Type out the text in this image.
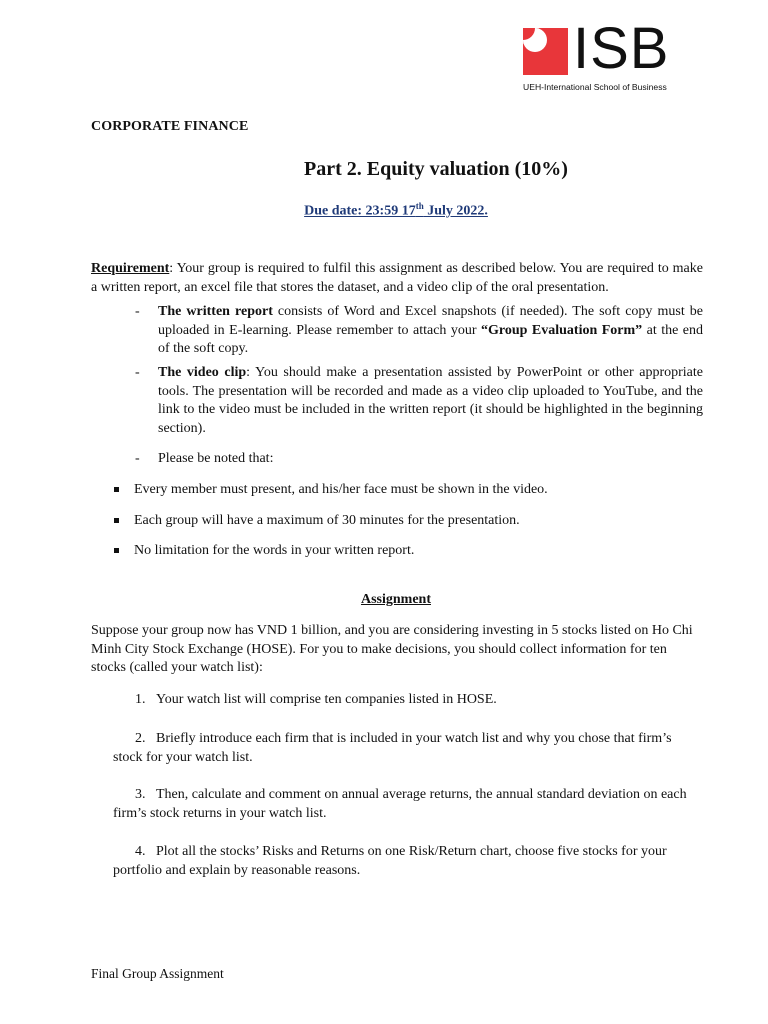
ISB
UEH-International School of Business
CORPORATE FINANCE
Part 2. Equity valuation (10%)
Due date: 23:59 17th July 2022.
Requirement: Your group is required to fulfil this assignment as described below. You are required to make a written report, an excel file that stores the dataset, and a video clip of the oral presentation.
- The written report consists of Word and Excel snapshots (if needed). The soft copy must be uploaded in E-learning. Please remember to attach your “Group Evaluation Form” at the end of the soft copy.
- The video clip: You should make a presentation assisted by PowerPoint or other appropriate tools. The presentation will be recorded and made as a video clip uploaded to YouTube, and the link to the video must be included in the written report (it should be highlighted in the beginning section).
- Please be noted that:
Every member must present, and his/her face must be shown in the video.
Each group will have a maximum of 30 minutes for the presentation.
No limitation for the words in your written report.
Assignment
Suppose your group now has VND 1 billion, and you are considering investing in 5 stocks listed on Ho Chi Minh City Stock Exchange (HOSE). For you to make decisions, you should collect information for ten stocks (called your watch list):
1. Your watch list will comprise ten companies listed in HOSE.
2. Briefly introduce each firm that is included in your watch list and why you chose that firm’s stock for your watch list.
3. Then, calculate and comment on annual average returns, the annual standard deviation on each firm’s stock returns in your watch list.
4. Plot all the stocks’ Risks and Returns on one Risk/Return chart, choose five stocks for your portfolio and explain by reasonable reasons.
Final Group Assignment
